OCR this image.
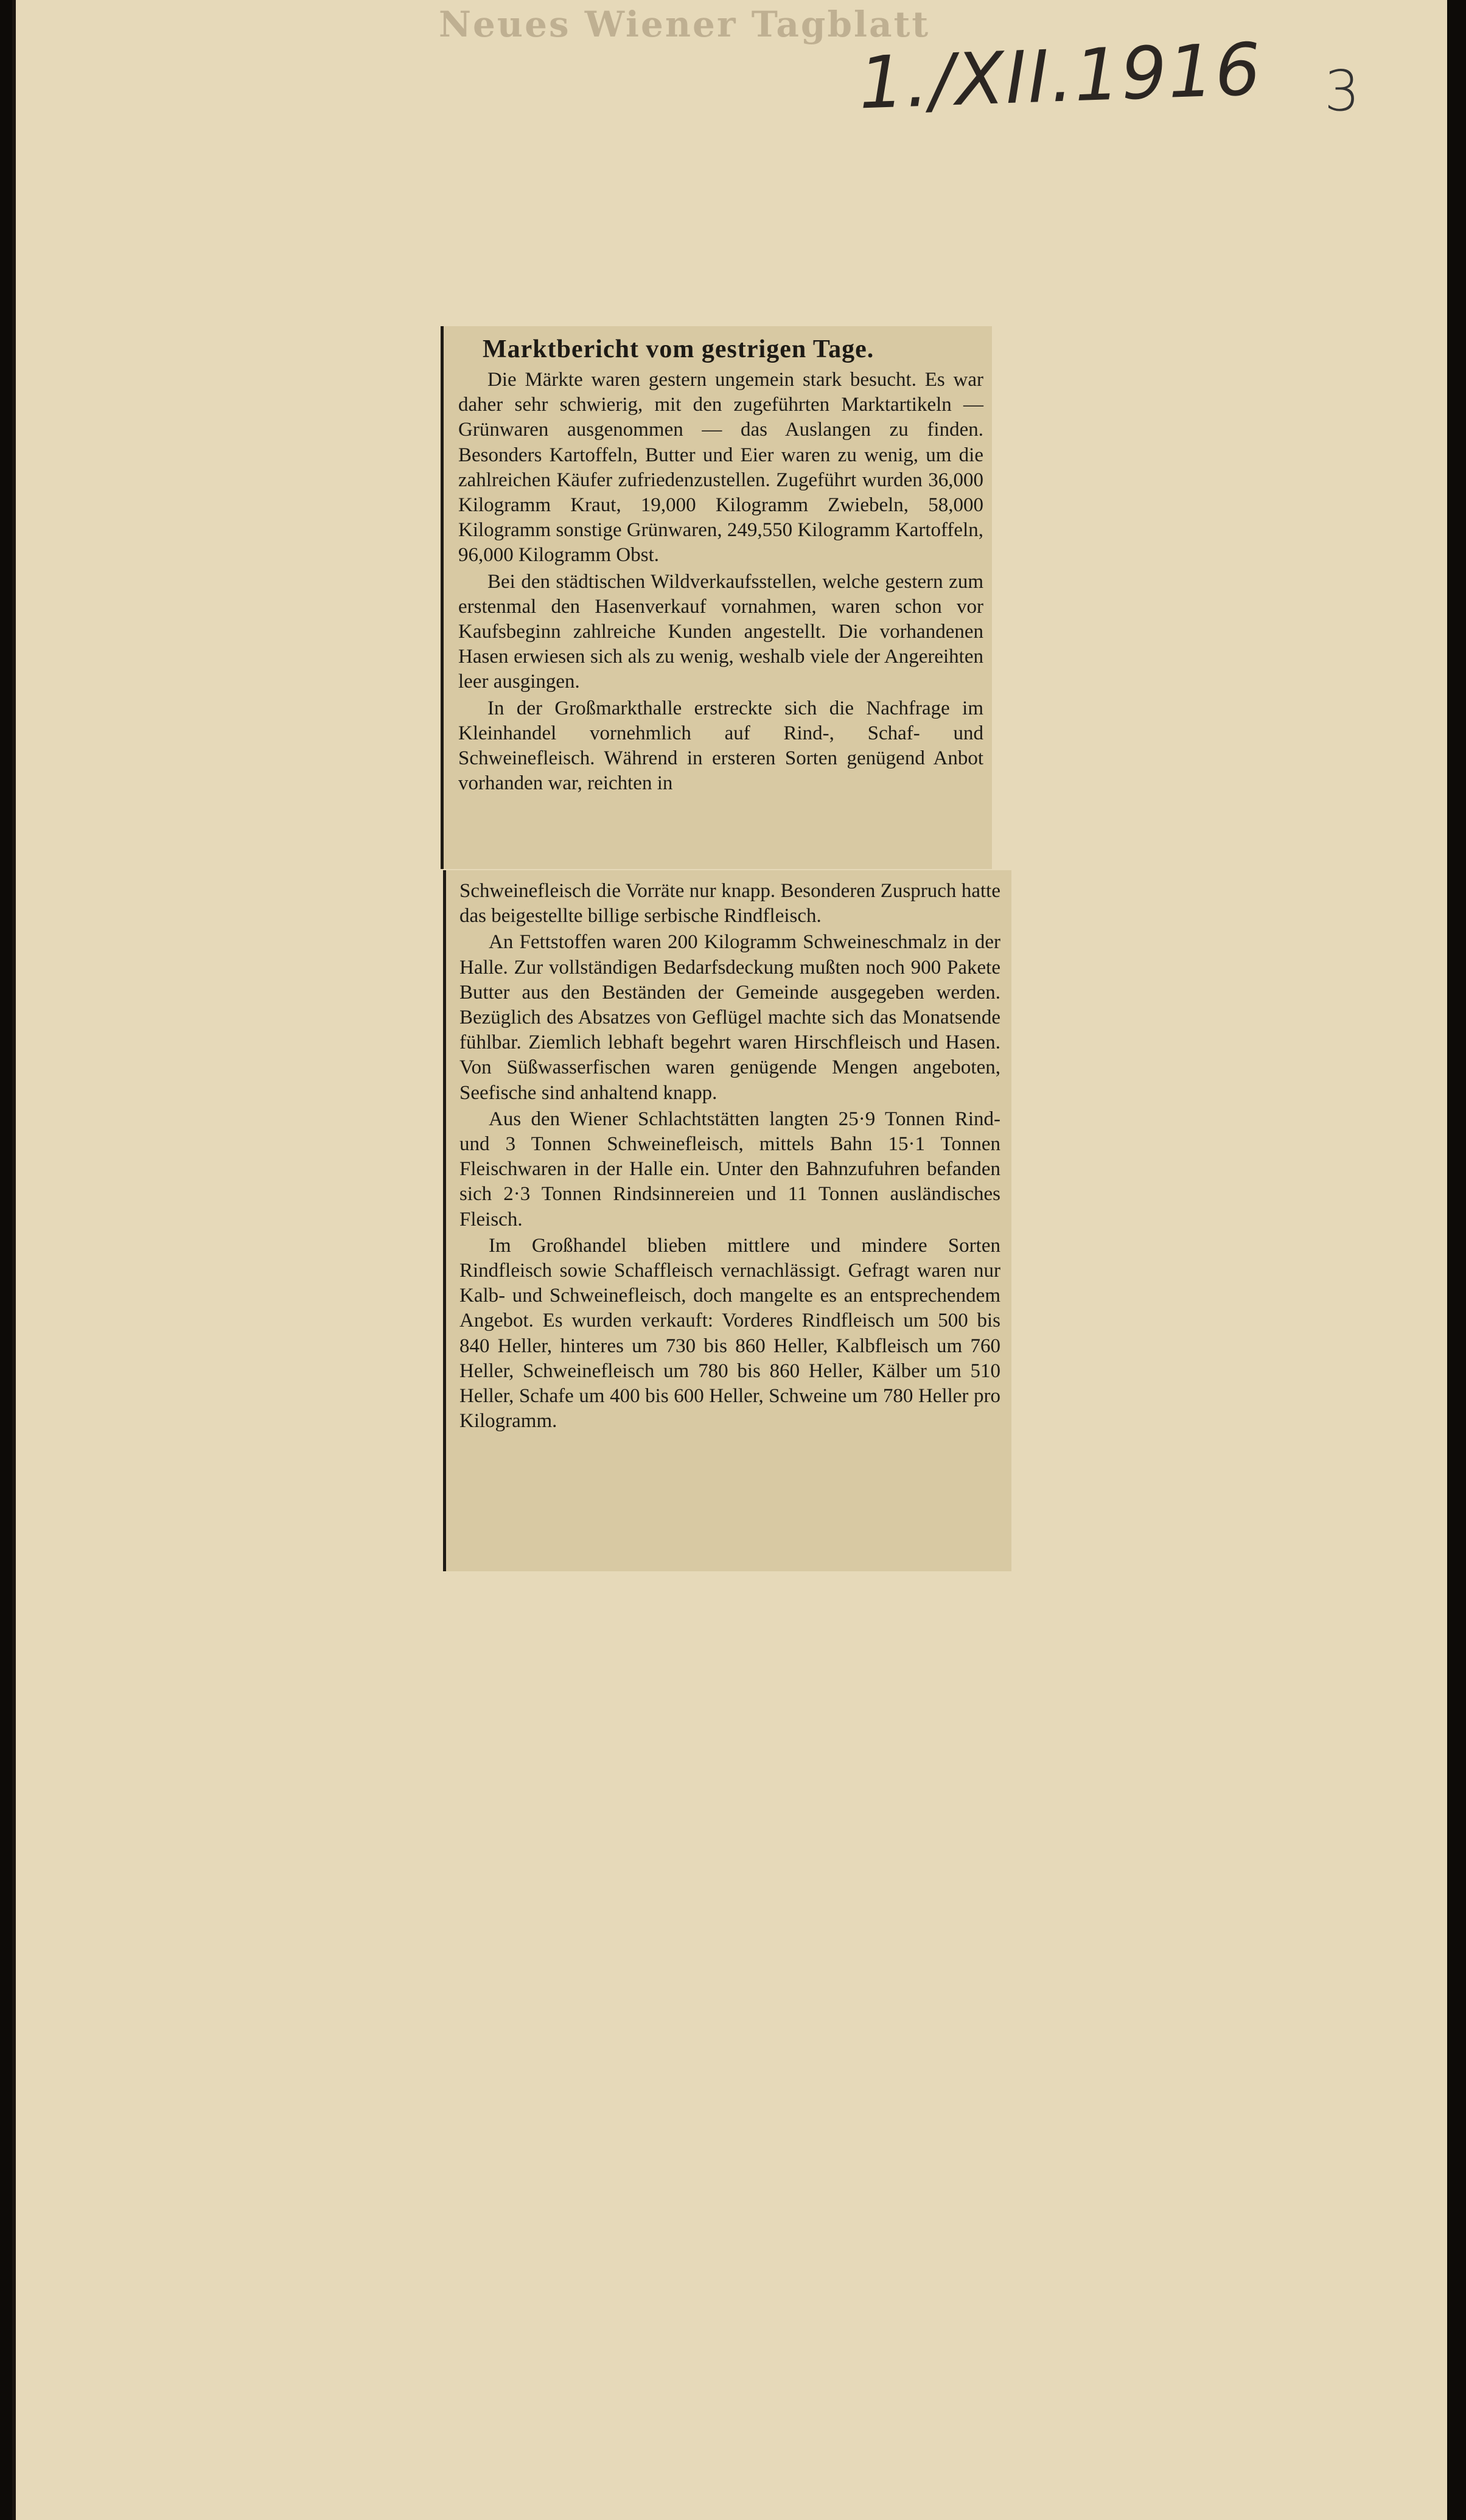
Neues Wiener Tagblatt
1./XII.1916 3
Marktbericht vom gestrigen Tage.

Die Märkte waren gestern ungemein stark besucht. Es war daher sehr schwierig, mit den zugeführten Marktartikeln — Grünwaren ausgenommen — das Auslangen zu finden. Besonders Kartoffeln, Butter und Eier waren zu wenig, um die zahlreichen Käufer zufriedenzustellen. Zugeführt wurden 36,000 Kilogramm Kraut, 19,000 Kilogramm Zwiebeln, 58,000 Kilogramm sonstige Grünwaren, 249,550 Kilogramm Kartoffeln, 96,000 Kilogramm Obst.

Bei den städtischen Wildverkaufsstellen, welche gestern zum erstenmal den Hasenverkauf vornahmen, waren schon vor Kaufsbeginn zahlreiche Kunden angestellt. Die vorhandenen Hasen erwiesen sich als zu wenig, weshalb viele der Angereihten leer ausgingen.

In der Großmarkthalle erstreckte sich die Nachfrage im Kleinhandel vornehmlich auf Rind-, Schaf- und Schweinefleisch. Während in ersteren Sorten genügend Anbot vorhanden war, reichten in

Schweinefleisch die Vorräte nur knapp. Besonderen Zuspruch hatte das beigestellte billige serbische Rindfleisch.

An Fettstoffen waren 200 Kilogramm Schweineschmalz in der Halle. Zur vollständigen Bedarfsdeckung mußten noch 900 Pakete Butter aus den Beständen der Gemeinde ausgegeben werden. Bezüglich des Absatzes von Geflügel machte sich das Monatsende fühlbar. Ziemlich lebhaft begehrt waren Hirschfleisch und Hasen. Von Süßwasserfischen waren genügende Mengen angeboten, Seefische sind anhaltend knapp.

Aus den Wiener Schlachtstätten langten 25·9 Tonnen Rind- und 3 Tonnen Schweinefleisch, mittels Bahn 15·1 Tonnen Fleischwaren in der Halle ein. Unter den Bahnzufuhren befanden sich 2·3 Tonnen Rindsinnereien und 11 Tonnen ausländisches Fleisch.

Im Großhandel blieben mittlere und mindere Sorten Rindfleisch sowie Schaffleisch vernachlässigt. Gefragt waren nur Kalb- und Schweinefleisch, doch mangelte es an entsprechendem Angebot. Es wurden verkauft: Vorderes Rindfleisch um 500 bis 840 Heller, hinteres um 730 bis 860 Heller, Kalbfleisch um 760 Heller, Schweinefleisch um 780 bis 860 Heller, Kälber um 510 Heller, Schafe um 400 bis 600 Heller, Schweine um 780 Heller pro Kilogramm.
